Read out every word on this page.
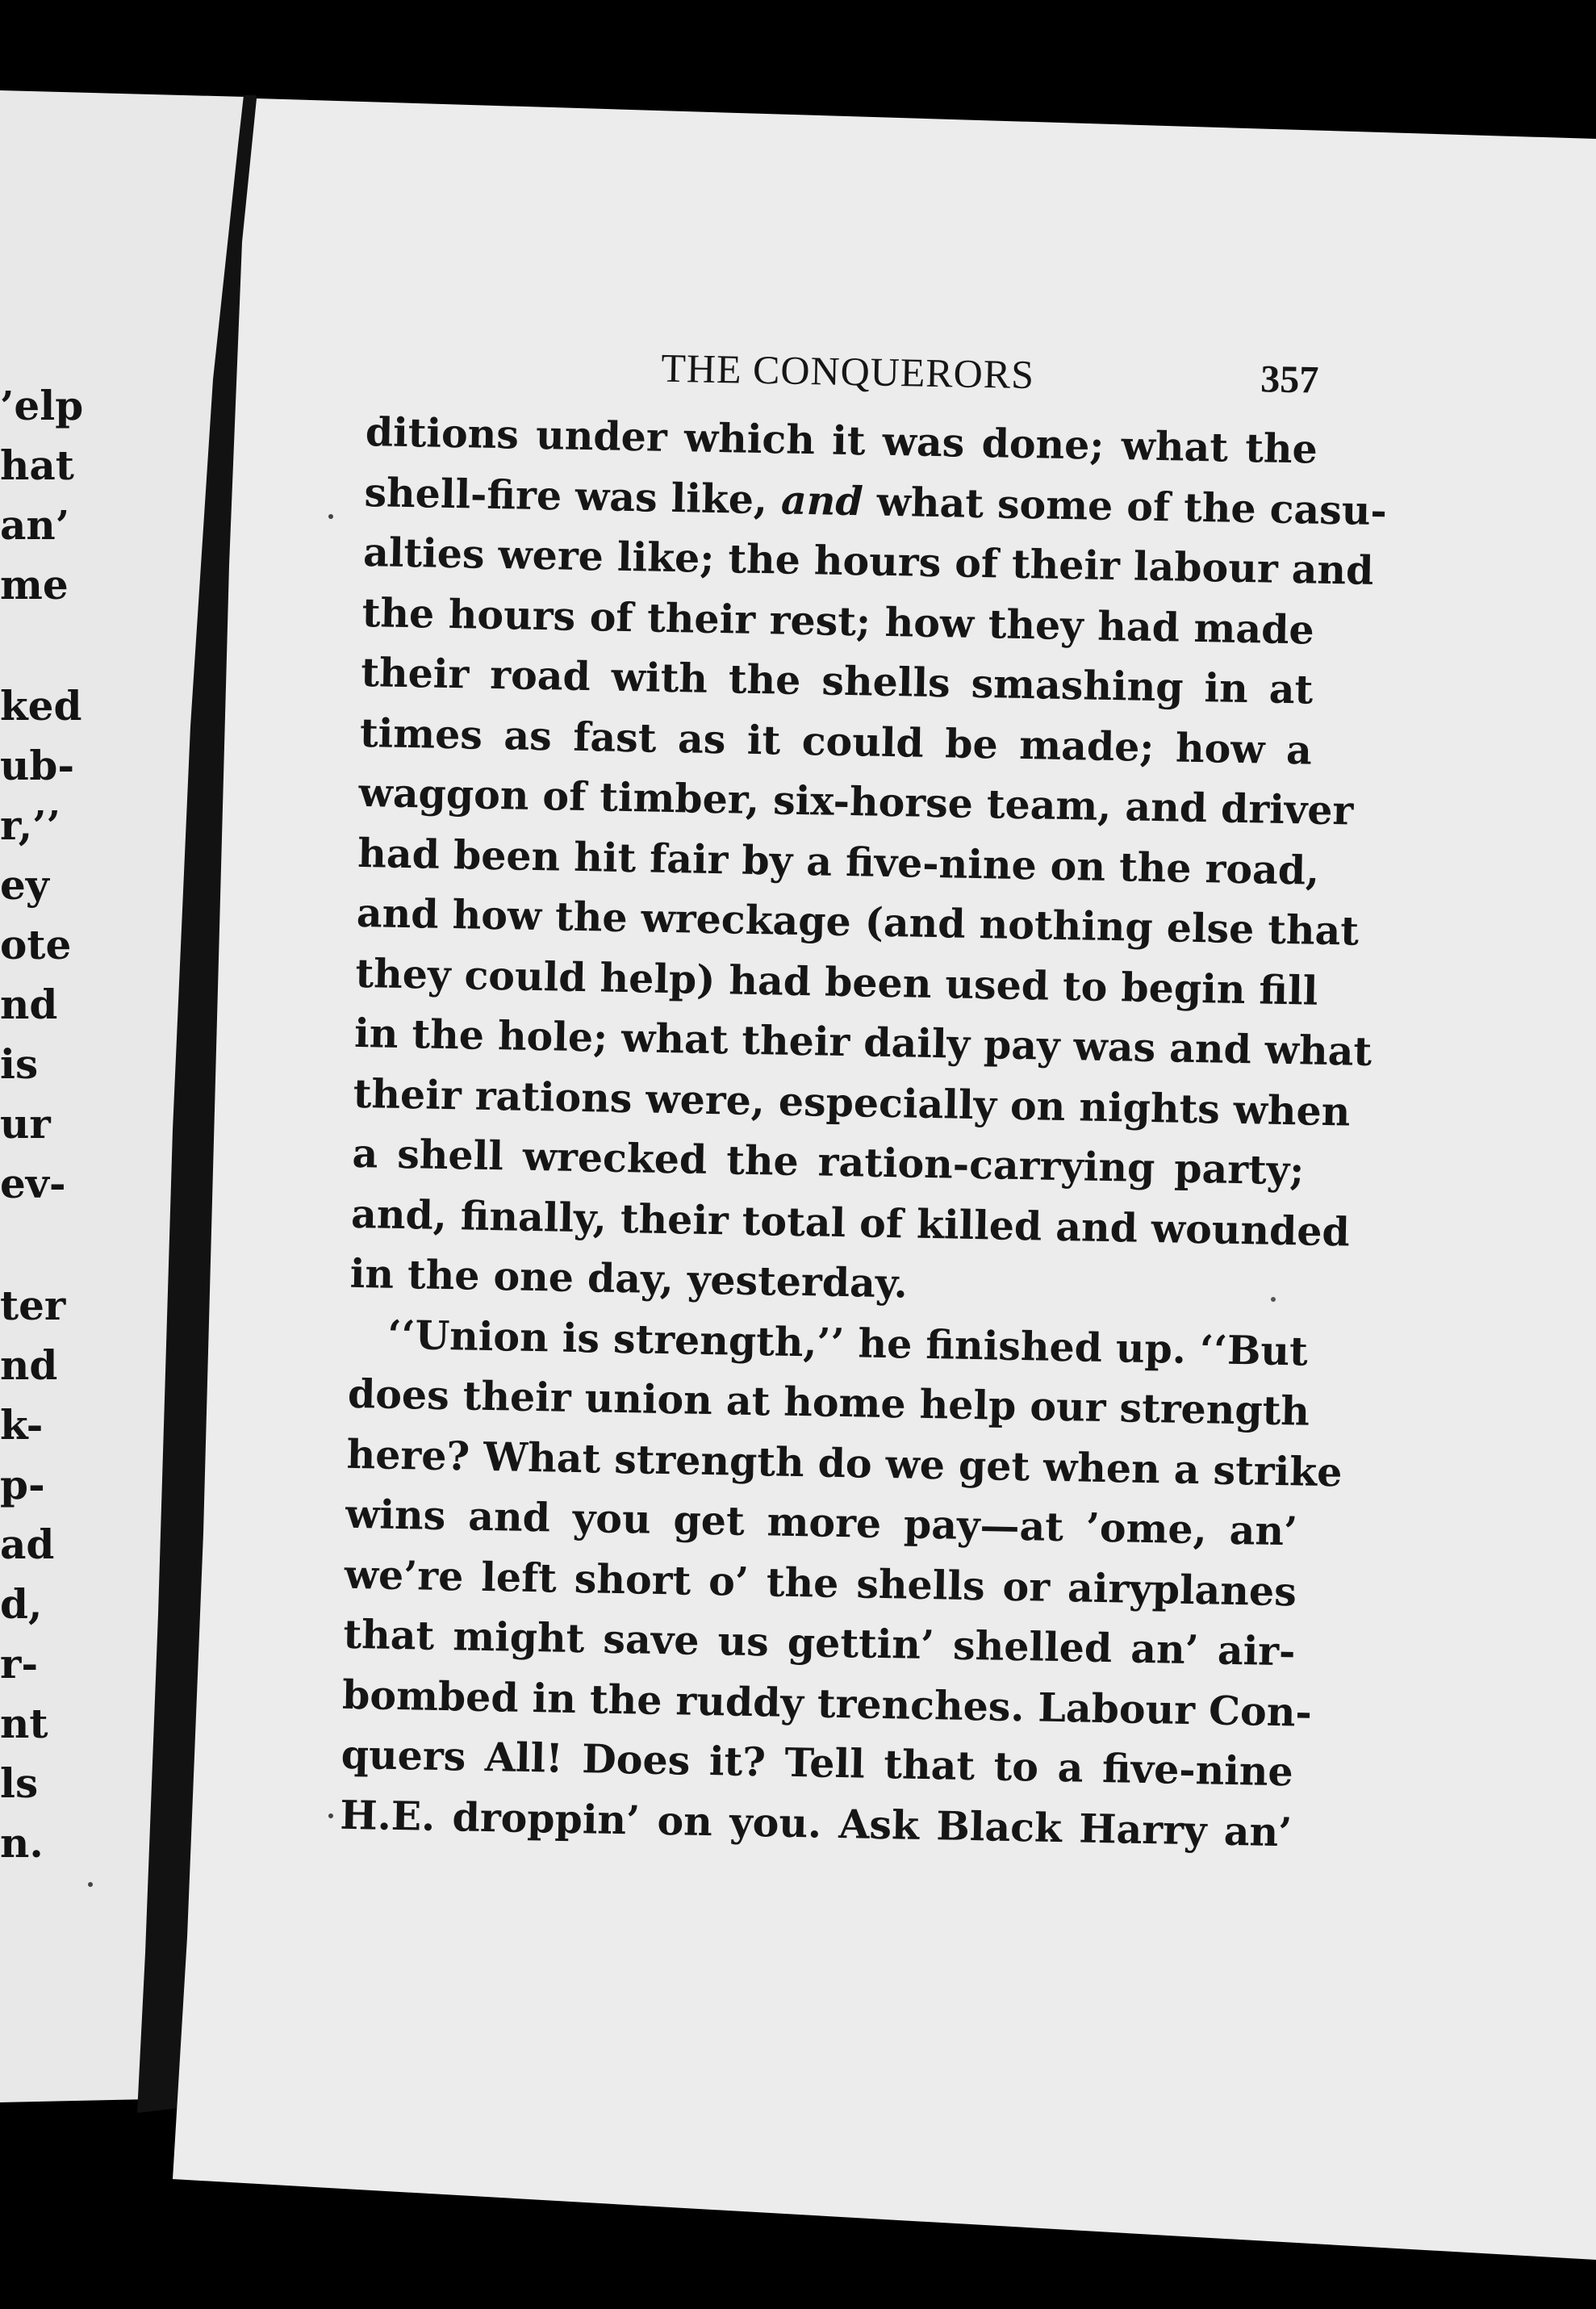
’elp
hat
an’
me
ked
ub-
r,’’
ey
ote
nd
is
ur
ev-
ter
nd
k-
p-
ad
d,
r-
nt
ls
n.
THE CONQUERORS	357
ditions under which it was done; what the
shell-fire was like, and what some of the casu-
alties were like; the hours of their labour and
the hours of their rest; how they had made
their road with the shells smashing in at
times as fast as it could be made; how a
waggon of timber, six-horse team, and driver
had been hit fair by a five-nine on the road,
and how the wreckage (and nothing else that
they could help) had been used to begin fill
in the hole; what their daily pay was and what
their rations were, especially on nights when
a shell wrecked the ration-carrying party;
and, finally, their total of killed and wounded
in the one day, yesterday.
‘‘Union is strength,’’ he finished up. ‘‘But
does their union at home help our strength
here? What strength do we get when a strike
wins and you get more pay—at ’ome, an’
we’re left short o’ the shells or airyplanes
that might save us gettin’ shelled an’ air-
bombed in the ruddy trenches. Labour Con-
quers All! Does it? Tell that to a five-nine
H.E. droppin’ on you. Ask Black Harry an’
